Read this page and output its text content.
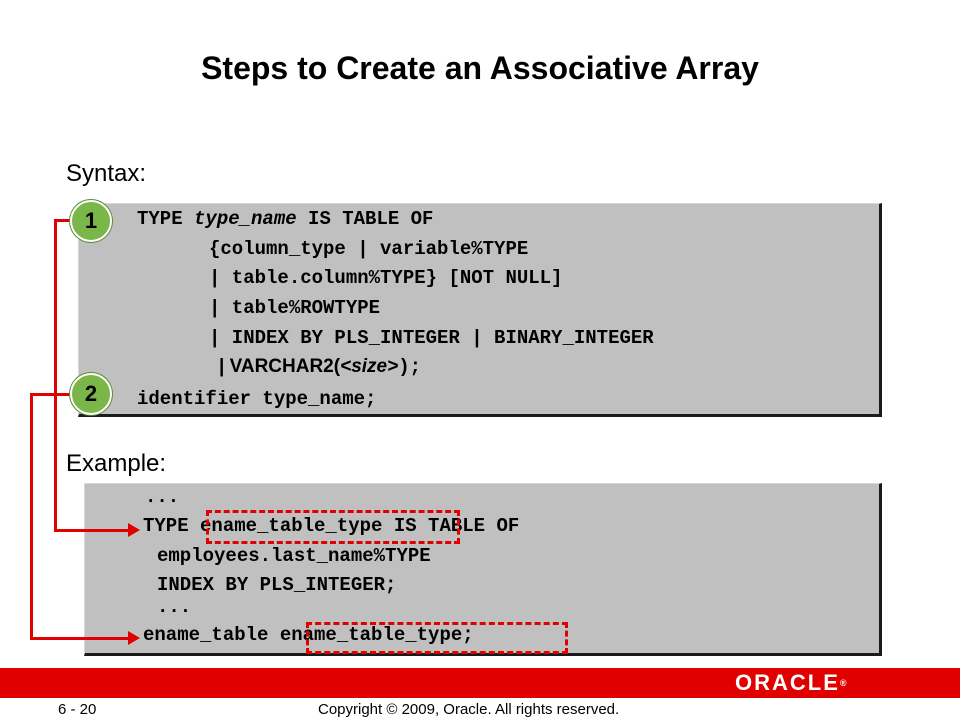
Steps to Create an Associative Array
Syntax:
TYPE type_name IS TABLE OF
{column_type | variable%TYPE
| table.column%TYPE} [NOT NULL]
| table%ROWTYPE
| INDEX BY PLS_INTEGER | BINARY_INTEGER
| VARCHAR2(<size>);
identifier type_name;
Example:
...
TYPE ename_table_type IS TABLE OF
employees.last_name%TYPE
INDEX BY PLS_INTEGER;
...
ename_table ename_table_type;
1
2
ORACLE®
6 - 20	Copyright © 2009, Oracle. All rights reserved.
